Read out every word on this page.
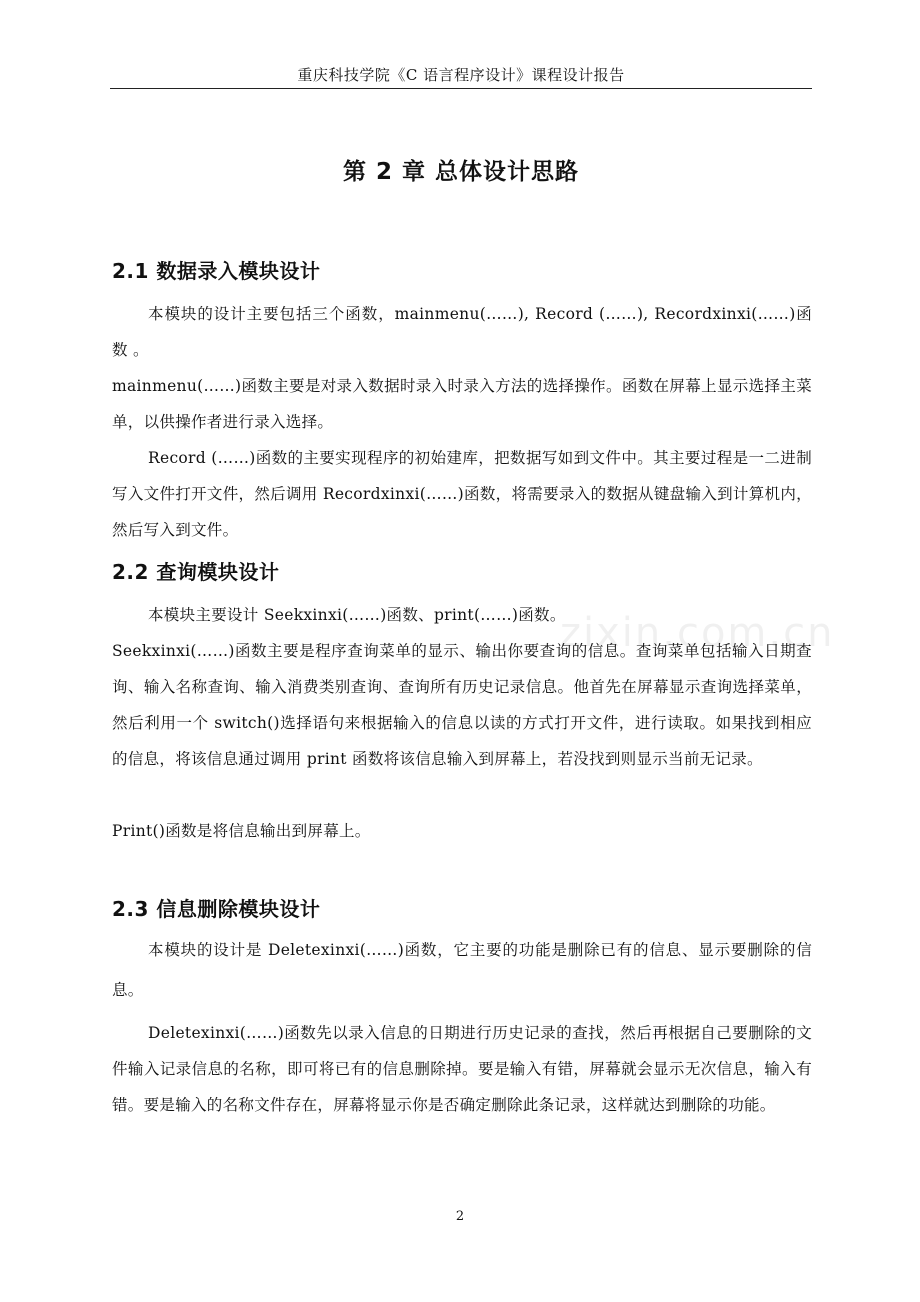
重庆科技学院《C 语言程序设计》课程设计报告
第 2 章 总体设计思路
2.1 数据录入模块设计
本模块的设计主要包括三个函数，mainmenu(……), Record (……), Recordxinxi(……)函数 。
mainmenu(……)函数主要是对录入数据时录入时录入方法的选择操作。函数在屏幕上显示选择主菜单，以供操作者进行录入选择。
Record (……)函数的主要实现程序的初始建库，把数据写如到文件中。其主要过程是一二进制写入文件打开文件，然后调用 Recordxinxi(……)函数，将需要录入的数据从键盘输入到计算机内，然后写入到文件。
2.2 查询模块设计
本模块主要设计 Seekxinxi(……)函数、print(……)函数。
Seekxinxi(……)函数主要是程序查询菜单的显示、输出你要查询的信息。查询菜单包括输入日期查询、输入名称查询、输入消费类别查询、查询所有历史记录信息。他首先在屏幕显示查询选择菜单，然后利用一个 switch()选择语句来根据输入的信息以读的方式打开文件，进行读取。如果找到相应的信息，将该信息通过调用 print 函数将该信息输入到屏幕上，若没找到则显示当前无记录。
Print()函数是将信息输出到屏幕上。
2.3 信息删除模块设计
本模块的设计是 Deletexinxi(……)函数，它主要的功能是删除已有的信息、显示要删除的信息。
Deletexinxi(……)函数先以录入信息的日期进行历史记录的查找，然后再根据自己要删除的文件输入记录信息的名称，即可将已有的信息删除掉。要是输入有错，屏幕就会显示无次信息，输入有错。要是输入的名称文件存在，屏幕将显示你是否确定删除此条记录，这样就达到删除的功能。
zixin.com.cn
2
